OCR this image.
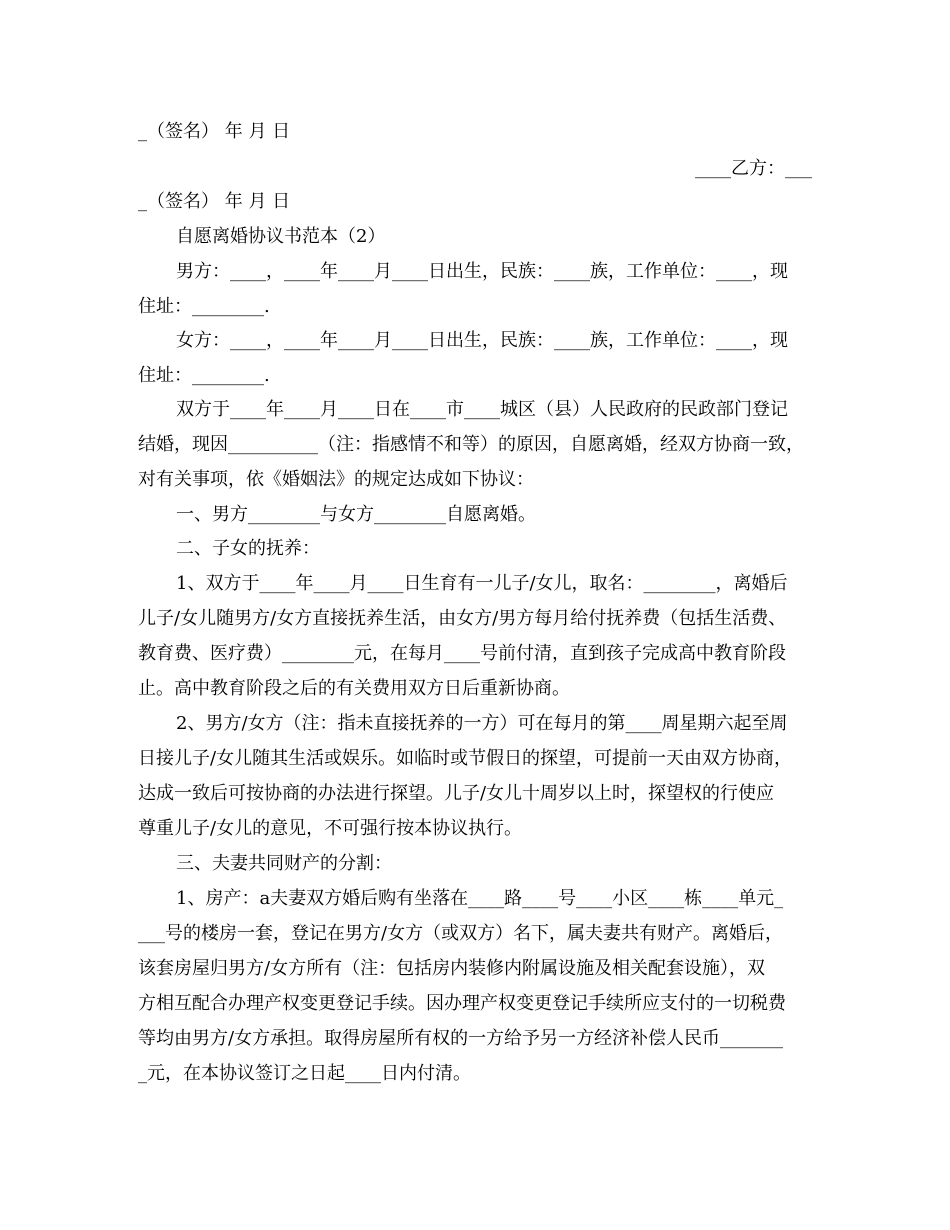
_（签名） 年 月 日
____乙方：___
_（签名） 年 月 日
自愿离婚协议书范本（2）
男方：____，____年____月____日出生，民族：____族，工作单位：____，现
住址：________.
女方：____，____年____月____日出生，民族：____族，工作单位：____，现
住址：________.
双方于____年____月____日在____市____城区（县）人民政府的民政部门登记
结婚，现因__________（注：指感情不和等）的原因，自愿离婚，经双方协商一致，
对有关事项，依《婚姻法》的规定达成如下协议：
一、男方________与女方________自愿离婚。
二、子女的抚养：
1、双方于____年____月____日生育有一儿子/女儿，取名：________，离婚后
儿子/女儿随男方/女方直接抚养生活，由女方/男方每月给付抚养费（包括生活费、
教育费、医疗费）________元，在每月____号前付清，直到孩子完成高中教育阶段
止。高中教育阶段之后的有关费用双方日后重新协商。
2、男方/女方（注：指未直接抚养的一方）可在每月的第____周星期六起至周
日接儿子/女儿随其生活或娱乐。如临时或节假日的探望，可提前一天由双方协商，
达成一致后可按协商的办法进行探望。儿子/女儿十周岁以上时，探望权的行使应
尊重儿子/女儿的意见，不可强行按本协议执行。
三、夫妻共同财产的分割：
1、房产：a夫妻双方婚后购有坐落在____路____号____小区____栋____单元_
___号的楼房一套，登记在男方/女方（或双方）名下，属夫妻共有财产。离婚后，
该套房屋归男方/女方所有（注：包括房内装修内附属设施及相关配套设施），双
方相互配合办理产权变更登记手续。因办理产权变更登记手续所应支付的一切税费
等均由男方/女方承担。取得房屋所有权的一方给予另一方经济补偿人民币_______
_元，在本协议签订之日起____日内付清。
